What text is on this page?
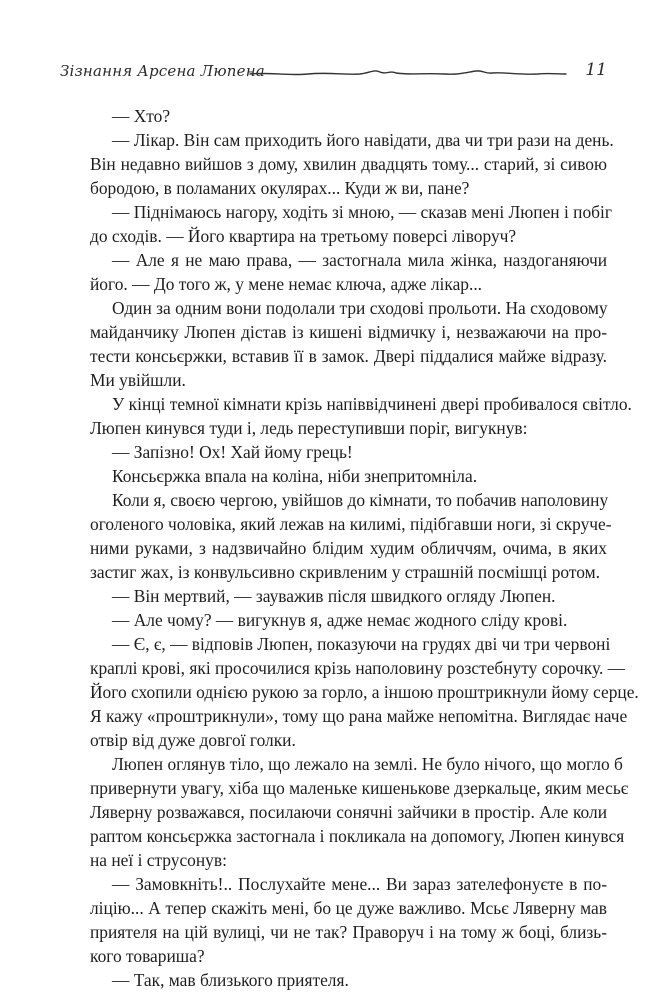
Зізнання Арсена Люпена	11
— Хто?
— Лікар. Він сам приходить його навідати, два чи три рази на день.
Він недавно вийшов з дому, хвилин двадцять тому... старий, зі сивою
бородою, в поламаних окулярах... Куди ж ви, пане?
— Піднімаюсь нагору, ходіть зі мною, — сказав мені Люпен і побіг
до сходів. — Його квартира на третьому поверсі ліворуч?
— Але я не маю права, — застогнала мила жінка, наздоганяючи
його. — До того ж, у мене немає ключа, адже лікар...
Один за одним вони подолали три сходові прольоти. На сходовому
майданчику Люпен дістав із кишені відмичку і, незважаючи на про-
тести консьєржки, вставив її в замок. Двері піддалися майже відразу.
Ми увійшли.
У кінці темної кімнати крізь напіввідчинені двері пробивалося світло.
Люпен кинувся туди і, ледь переступивши поріг, вигукнув:
— Запізно! Ох! Хай йому грець!
Консьєржка впала на коліна, ніби знепритомніла.
Коли я, своєю чергою, увійшов до кімнати, то побачив наполовину
оголеного чоловіка, який лежав на килимі, підібгавши ноги, зі скруче-
ними руками, з надзвичайно блідим худим обличчям, очима, в яких
застиг жах, із конвульсивно скривленим у страшній посмішці ротом.
— Він мертвий, — зауважив після швидкого огляду Люпен.
— Але чому? — вигукнув я, адже немає жодного сліду крові.
— Є, є, — відповів Люпен, показуючи на грудях дві чи три червоні
краплі крові, які просочилися крізь наполовину розстебнуту сорочку. —
Його схопили однією рукою за горло, а іншою проштрикнули йому серце.
Я кажу «проштрикнули», тому що рана майже непомітна. Виглядає наче
отвір від дуже довгої голки.
Люпен оглянув тіло, що лежало на землі. Не було нічого, що могло б
привернути увагу, хіба що маленьке кишенькове дзеркальце, яким месьє
Лявернy розважався, посилаючи сонячні зайчики в простір. Але коли
раптом консьєржка застогнала і покликала на допомогу, Люпен кинувся
на неї і струсонув:
— Замовкніть!.. Послухайте мене... Ви зараз зателефонуєте в по-
ліцію... А тепер скажіть мені, бо це дуже важливо. Мсьє Лявернy мав
приятеля на цій вулиці, чи не так? Праворуч і на тому ж боці, близь-
кого товариша?
— Так, мав близького приятеля.
